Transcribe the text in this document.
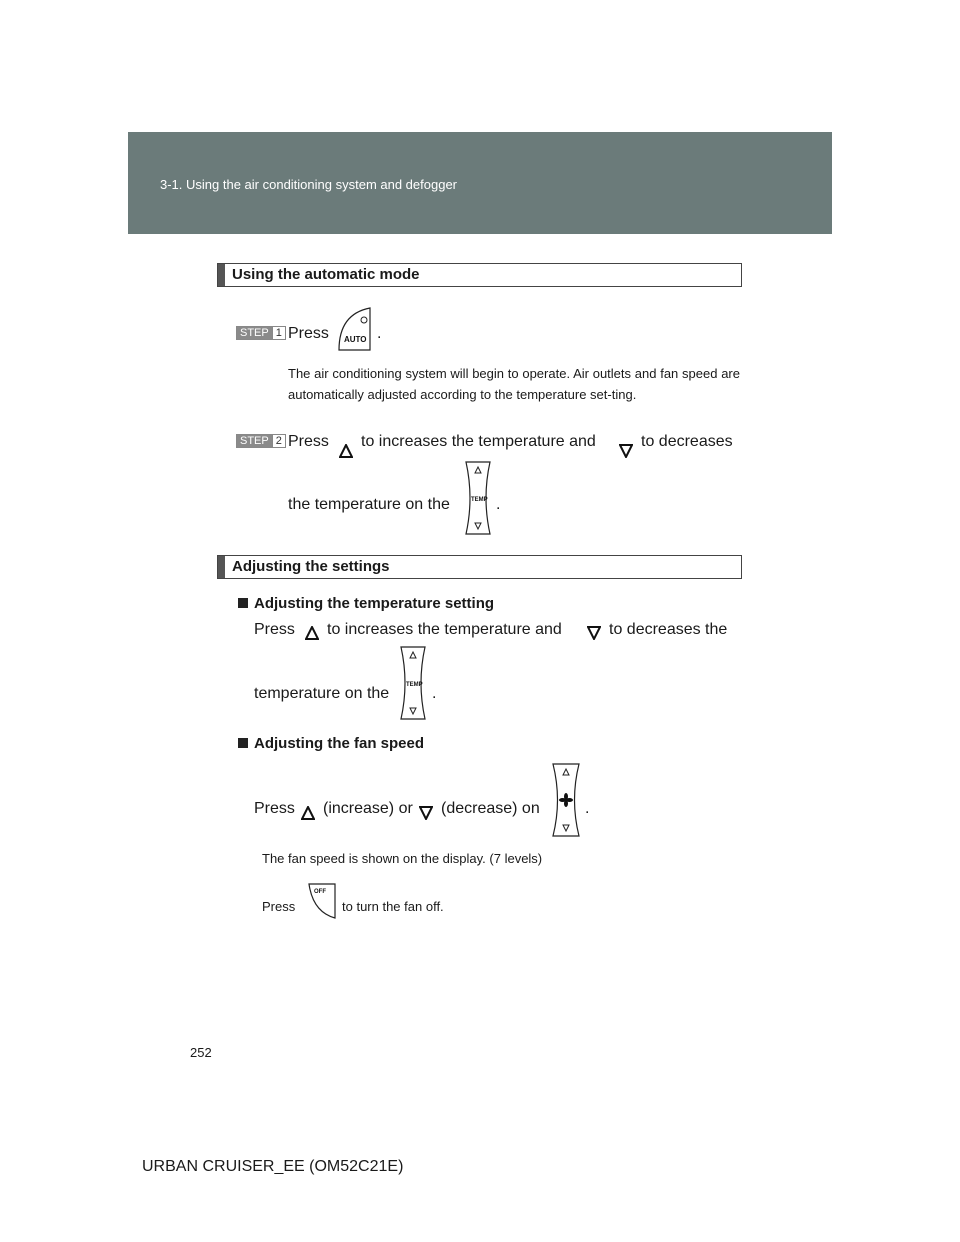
3-1. Using the air conditioning system and defogger
Using the automatic mode
STEP 1 Press AUTO .
The air conditioning system will begin to operate. Air outlets and fan speed are automatically adjusted according to the temperature set-ting.
STEP 2 Press to increases the temperature and	to decreases
the temperature on the	TEMP .
Adjusting the settings
Adjusting the temperature setting
Press to increases the temperature and	to decreases the
temperature on the	TEMP .
Adjusting the fan speed
Press (increase) or (decrease) on	.
The fan speed is shown on the display. (7 levels)
Press
OFF
to turn the fan off.
252
URBAN CRUISER_EE (OM52C21E)
